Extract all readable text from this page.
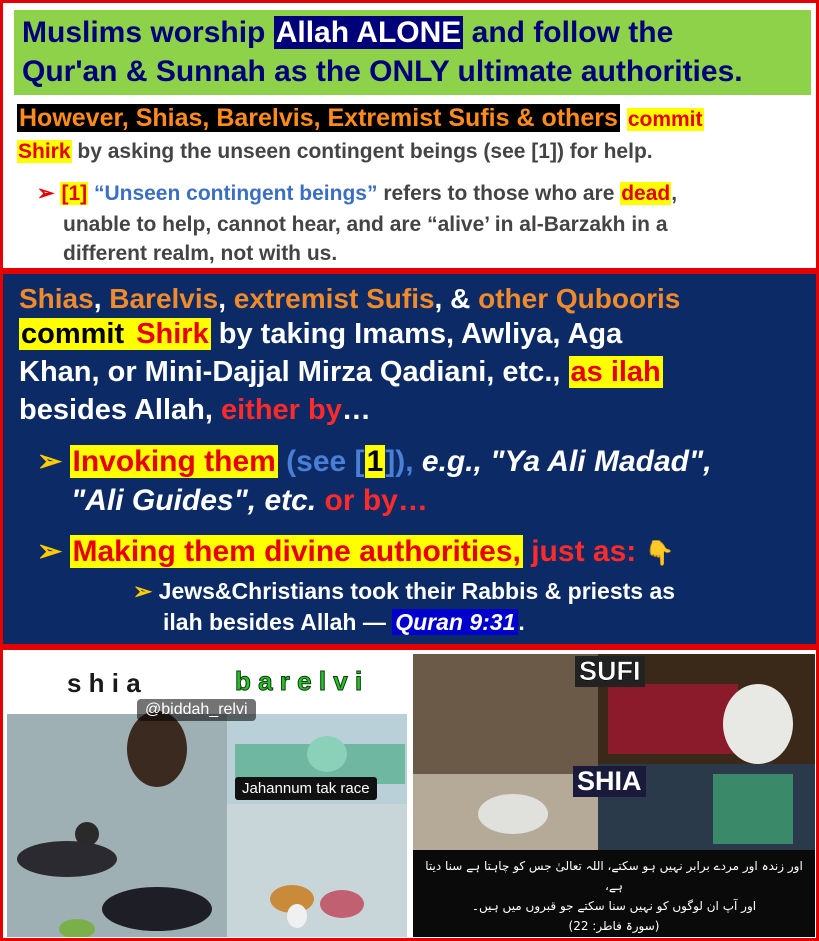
Muslims worship Allah ALONE and follow the
Qur'an & Sunnah as the ONLY ultimate authorities.
However, Shias, Barelvis, Extremist Sufis & others commit
Shirk by asking the unseen contingent beings (see [1]) for help.
➢ [1] “Unseen contingent beings” refers to those who are dead,
unable to help, cannot hear, and are “alive’ in al-Barzakh in a
different realm, not with us.
Shias, Barelvis, extremist Sufis, & other Qubooris
commit Shirk by taking Imams, Awliya, Aga
Khan, or Mini-Dajjal Mirza Qadiani, etc., as ilah
besides Allah, either by…
➢ Invoking them (see [1]), e.g., "Ya Ali Madad",
"Ali Guides", etc. or by…
➢ Making them divine authorities, just as: 👇
➢ Jews&Christians took their Rabbis & priests as
ilah besides Allah — Quran 9:31 .
s h i a	b a r e l v i
@biddah_relvi
Jahannum tak race
SUFI
SHIA
اور زندہ اور مردے برابر نہیں ہو سکتے، اللہ تعالیٰ جس کو چاہتا ہے سنا دیتا ہے،
اور آپ ان لوگوں کو نہیں سنا سکتے جو قبروں میں ہیں۔
(سورۃ فاطر: 22)
